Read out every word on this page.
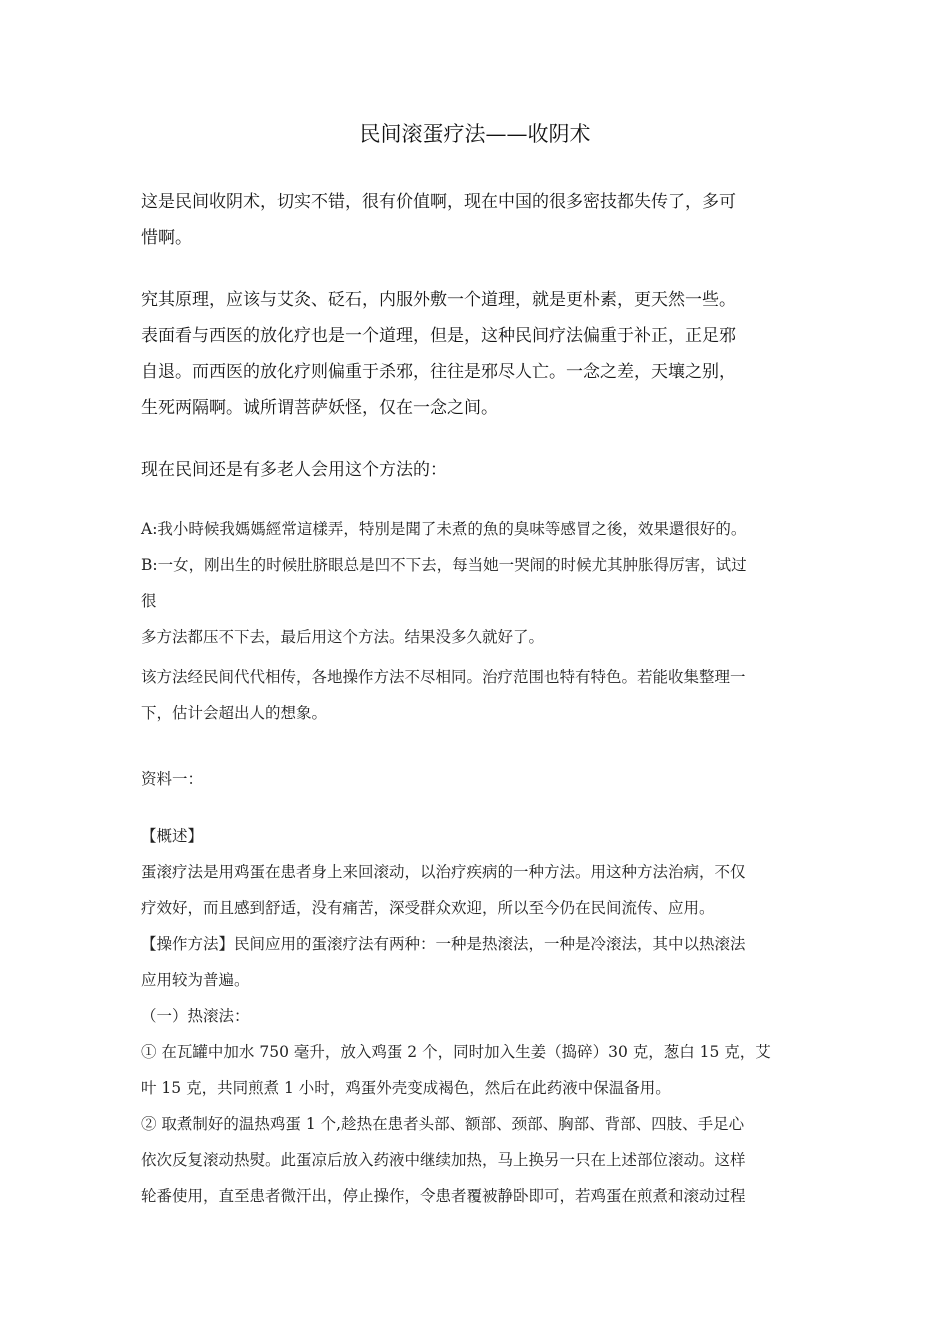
民间滚蛋疗法——收阴术

这是民间收阴术，切实不错，很有价值啊，现在中国的很多密技都失传了，多可

惜啊。

究其原理，应该与艾灸、砭石，内服外敷一个道理，就是更朴素，更天然一些。

表面看与西医的放化疗也是一个道理，但是，这种民间疗法偏重于补正，正足邪

自退。而西医的放化疗则偏重于杀邪，往往是邪尽人亡。一念之差，天壤之别，

生死两隔啊。诚所谓菩萨妖怪，仅在一念之间。

现在民间还是有多老人会用这个方法的：

A:我小時候我媽媽經常這樣弄，特別是聞了未煮的魚的臭味等感冒之後，效果還很好的。

B:一女，刚出生的时候肚脐眼总是凹不下去，每当她一哭闹的时候尤其肿胀得厉害，试过

很

多方法都压不下去，最后用这个方法。结果没多久就好了。

该方法经民间代代相传，各地操作方法不尽相同。治疗范围也特有特色。若能收集整理一

下，估计会超出人的想象。

资料一：

【概述】

蛋滚疗法是用鸡蛋在患者身上来回滚动，以治疗疾病的一种方法。用这种方法治病，不仅

疗效好，而且感到舒适，没有痛苦，深受群众欢迎，所以至今仍在民间流传、应用。

【操作方法】民间应用的蛋滚疗法有两种：一种是热滚法，一种是冷滚法，其中以热滚法

应用较为普遍。

（一）热滚法：

① 在瓦罐中加水 750 毫升，放入鸡蛋 2 个，同时加入生姜（捣碎）30 克，葱白 15 克，艾

叶 15 克，共同煎煮 1 小时，鸡蛋外壳变成褐色，然后在此药液中保温备用。

② 取煮制好的温热鸡蛋 1 个,趁热在患者头部、额部、颈部、胸部、背部、四肢、手足心

依次反复滚动热熨。此蛋凉后放入药液中继续加热，马上换另一只在上述部位滚动。这样

轮番使用，直至患者微汗出，停止操作，令患者覆被静卧即可，若鸡蛋在煎煮和滚动过程
